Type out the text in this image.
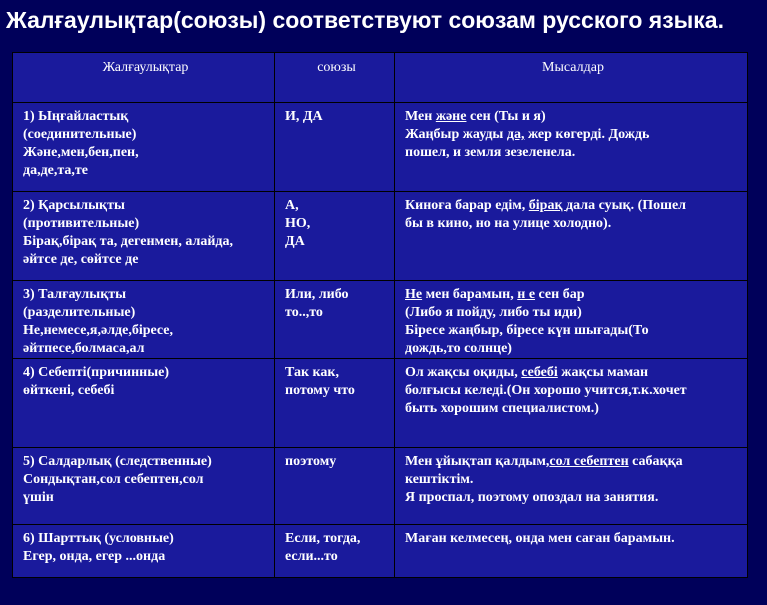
Жалғаулықтар(союзы) соответствуют союзам русского языка.
Жалғаулықтар	союзы	Мысалдар

1) Ыңғайластық
(соединительные)
Және,мен,бен,пен,
да,де,та,те	И, ДА	Мен және сен (Ты и я)
Жаңбыр жауды да, жер көгерді. Дождь
пошел, и земля зезеленела.

2) Қарсылықты
(противительные)
Бірақ,бірақ та, дегенмен, алайда,
әйтсе де, сөйтсе де	А,
НО,
ДА	Киноға барар едім, бірақ дала суық. (Пошел
бы в кино, но на улице холодно).

3) Талғаулықты
(разделительные)
Не,немесе,я,әлде,біресе,
әйтпесе,болмаса,ал	Или, либо
то..,то	Не мен барамын, н е сен бар
(Либо я пойду, либо ты иди)
Біресе жаңбыр, біресе күн шығады(То
дождь,то солнце)

4) Себепті(причинные)
өйткені, себебі	Так как,
потому что	Ол жақсы оқиды, себебі жақсы маман
болғысы келеді.(Он хорошо учится,т.к.хочет
быть хорошим специалистом.)

5) Салдарлық (следственные)
Сондықтан,сол себептен,сол
үшін	поэтому	Мен ұйықтап қалдым,сол себептен сабаққа
кештіктім.
Я проспал, поэтому опоздал на занятия.

6) Шарттық (условные)
Егер, онда, егер ...онда	Если, тогда,
если...то	Маған келмесең, онда мен саған барамын.
